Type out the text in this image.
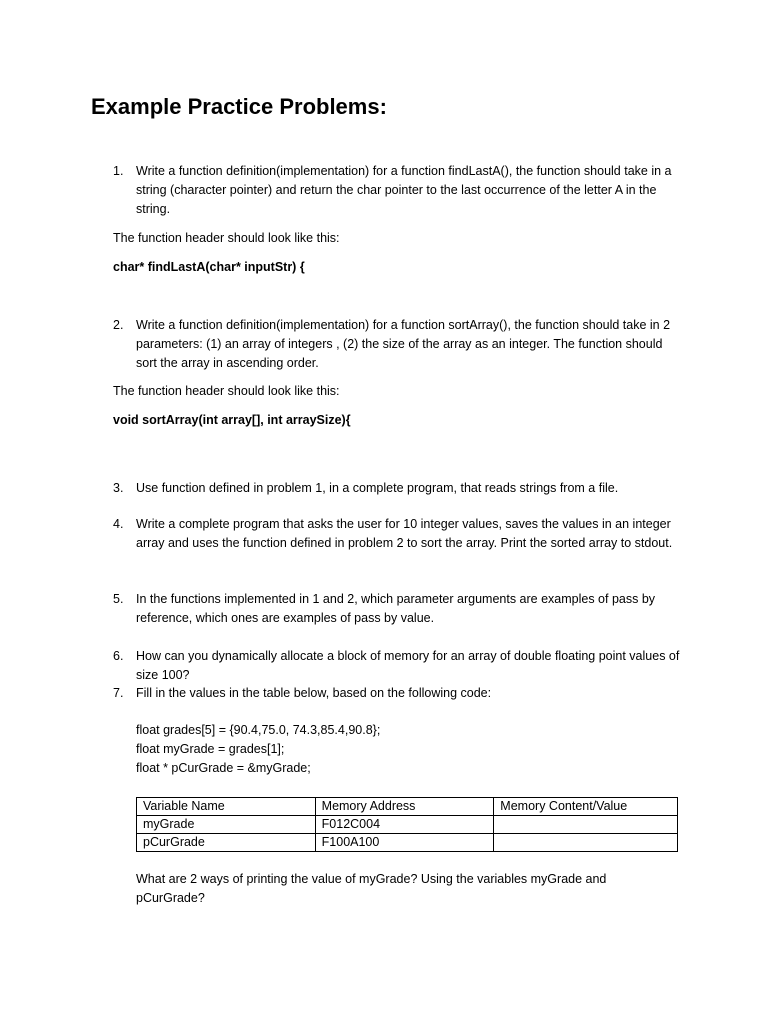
Example Practice Problems:
1. Write a function definition(implementation) for a function findLastA(), the function should take in a string (character pointer) and return the char pointer to the last occurrence of the letter A in the string.
The function header should look like this:
char* findLastA(char* inputStr) {
2. Write a function definition(implementation) for a function sortArray(), the function should take in 2 parameters: (1) an array of integers , (2) the size of the array as an integer. The function should sort the array in ascending order.
The function header should look like this:
void sortArray(int array[], int arraySize){
3. Use function defined in problem 1, in a complete program, that reads strings from a file.
4. Write a complete program that asks the user for 10 integer values, saves the values in an integer array and uses the function defined in problem 2 to sort the array. Print the sorted array to stdout.
5. In the functions implemented in 1 and 2, which parameter arguments are examples of pass by reference, which ones are examples of pass by value.
6. How can you dynamically allocate a block of memory for an array of double floating point values of size 100?
7. Fill in the values in the table below, based on the following code:
float grades[5] = {90.4,75.0, 74.3,85.4,90.8};
float myGrade = grades[1];
float * pCurGrade = &myGrade;
Variable Name	Memory Address	Memory Content/Value
myGrade	F012C004	
pCurGrade	F100A100	
What are 2 ways of printing the value of myGrade? Using the variables myGrade and pCurGrade?
